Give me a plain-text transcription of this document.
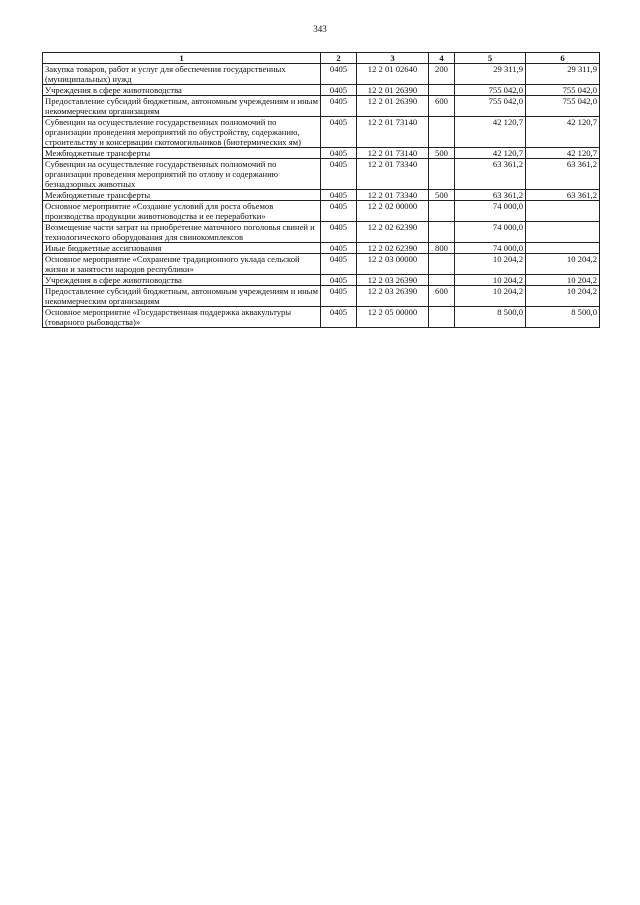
343
1	2	3	4	5	6
Закупка товаров, работ и услуг для обеспечения государственных (муниципальных) нужд	0405	12 2 01 02640	200	29 311,9	29 311,9
Учреждения в сфере животноводства	0405	12 2 01 26390		755 042,0	755 042,0
Предоставление субсидий бюджетным, автономным учреждениям и иным некоммерческим организациям	0405	12 2 01 26390	600	755 042,0	755 042,0
Субвенции на осуществление государственных полномочий по организации проведения мероприятий по обустройству, содержанию, строительству и консервации скотомогильников (биотермических ям)	0405	12 2 01 73140		42 120,7	42 120,7
Межбюджетные трансферты	0405	12 2 01 73140	500	42 120,7	42 120,7
Субвенции на осуществление государственных полномочий по организации проведения мероприятий по отлову и содержанию безнадзорных животных	0405	12 2 01 73340		63 361,2	63 361,2
Межбюджетные трансферты	0405	12 2 01 73340	500	63 361,2	63 361,2
Основное мероприятие «Создание условий для роста объемов производства продукции животноводства и ее переработки»	0405	12 2 02 00000		74 000,0	
Возмещение части затрат на приобретение маточного поголовья свиней и технологического оборудования для свинокомплексов	0405	12 2 02 62390		74 000,0	
Иные бюджетные ассигнования	0405	12 2 02 62390	800	74 000,0	
Основное мероприятие «Сохранение традиционного уклада сельской жизни и занятости народов республики»	0405	12 2 03 00000		10 204,2	10 204,2
Учреждения в сфере животноводства	0405	12 2 03 26390		10 204,2	10 204,2
Предоставление субсидий бюджетным, автономным учреждениям и иным некоммерческим организациям	0405	12 2 03 26390	600	10 204,2	10 204,2
Основное мероприятие «Государственная поддержка аквакультуры (товарного рыбоводства)»	0405	12 2 05 00000		8 500,0	8 500,0
